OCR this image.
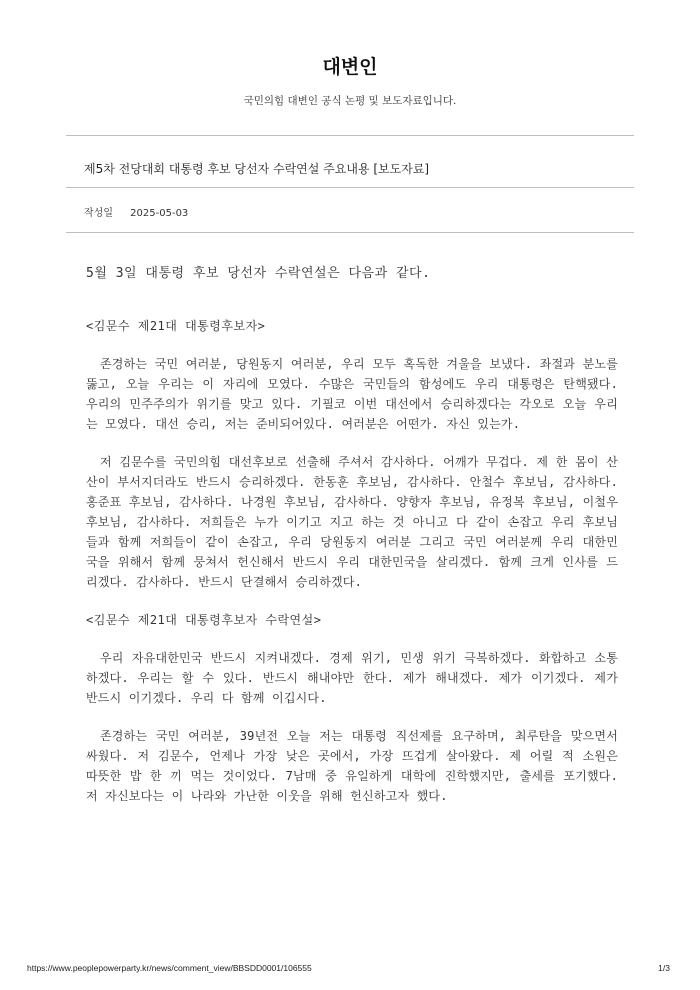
대변인
국민의힘 대변인 공식 논평 및 보도자료입니다.
제5차 전당대회 대통령 후보 당선자 수락연설 주요내용 [보도자료]
작성일 2025-05-03

5월 3일 대통령 후보 당선자 수락연설은 다음과 같다.

<김문수 제21대 대통령후보자>

존경하는 국민 여러분, 당원동지 여러분, 우리 모두 혹독한 겨울을 보냈다. 좌절과 분노를 뚫고, 오늘 우리는 이 자리에 모였다. 수많은 국민들의 함성에도 우리 대통령은 탄핵됐다. 우리의 민주주의가 위기를 맞고 있다. 기필코 이번 대선에서 승리하겠다는 각오로 오늘 우리는 모였다. 대선 승리, 저는 준비되어있다. 여러분은 어떤가. 자신 있는가.

저 김문수를 국민의힘 대선후보로 선출해 주셔서 감사하다. 어깨가 무겁다. 제 한 몸이 산산이 부서지더라도 반드시 승리하겠다. 한동훈 후보님, 감사하다. 안철수 후보님, 감사하다. 홍준표 후보님, 감사하다. 나경원 후보님, 감사하다. 양향자 후보님, 유정복 후보님, 이철우 후보님, 감사하다. 저희들은 누가 이기고 지고 하는 것 아니고 다 같이 손잡고 우리 후보님들과 함께 저희들이 같이 손잡고, 우리 당원동지 여러분 그리고 국민 여러분께 우리 대한민국을 위해서 함께 뭉쳐서 헌신해서 반드시 우리 대한민국을 살리겠다. 함께 크게 인사를 드리겠다. 감사하다. 반드시 단결해서 승리하겠다.

<김문수 제21대 대통령후보자 수락연설>

우리 자유대한민국 반드시 지켜내겠다. 경제 위기, 민생 위기 극복하겠다. 화합하고 소통하겠다. 우리는 할 수 있다. 반드시 해내야만 한다. 제가 해내겠다. 제가 이기겠다. 제가 반드시 이기겠다. 우리 다 함께 이깁시다.

존경하는 국민 여러분, 39년전 오늘 저는 대통령 직선제를 요구하며, 최루탄을 맞으면서 싸웠다. 저 김문수, 언제나 가장 낮은 곳에서, 가장 뜨겁게 살아왔다. 제 어릴 적 소원은 따뜻한 밥 한 끼 먹는 것이었다. 7남매 중 유일하게 대학에 진학했지만, 출세를 포기했다. 저 자신보다는 이 나라와 가난한 이웃을 위해 헌신하고자 했다.

https://www.peoplepowerparty.kr/news/comment_view/BBSDD0001/106555	1/3
